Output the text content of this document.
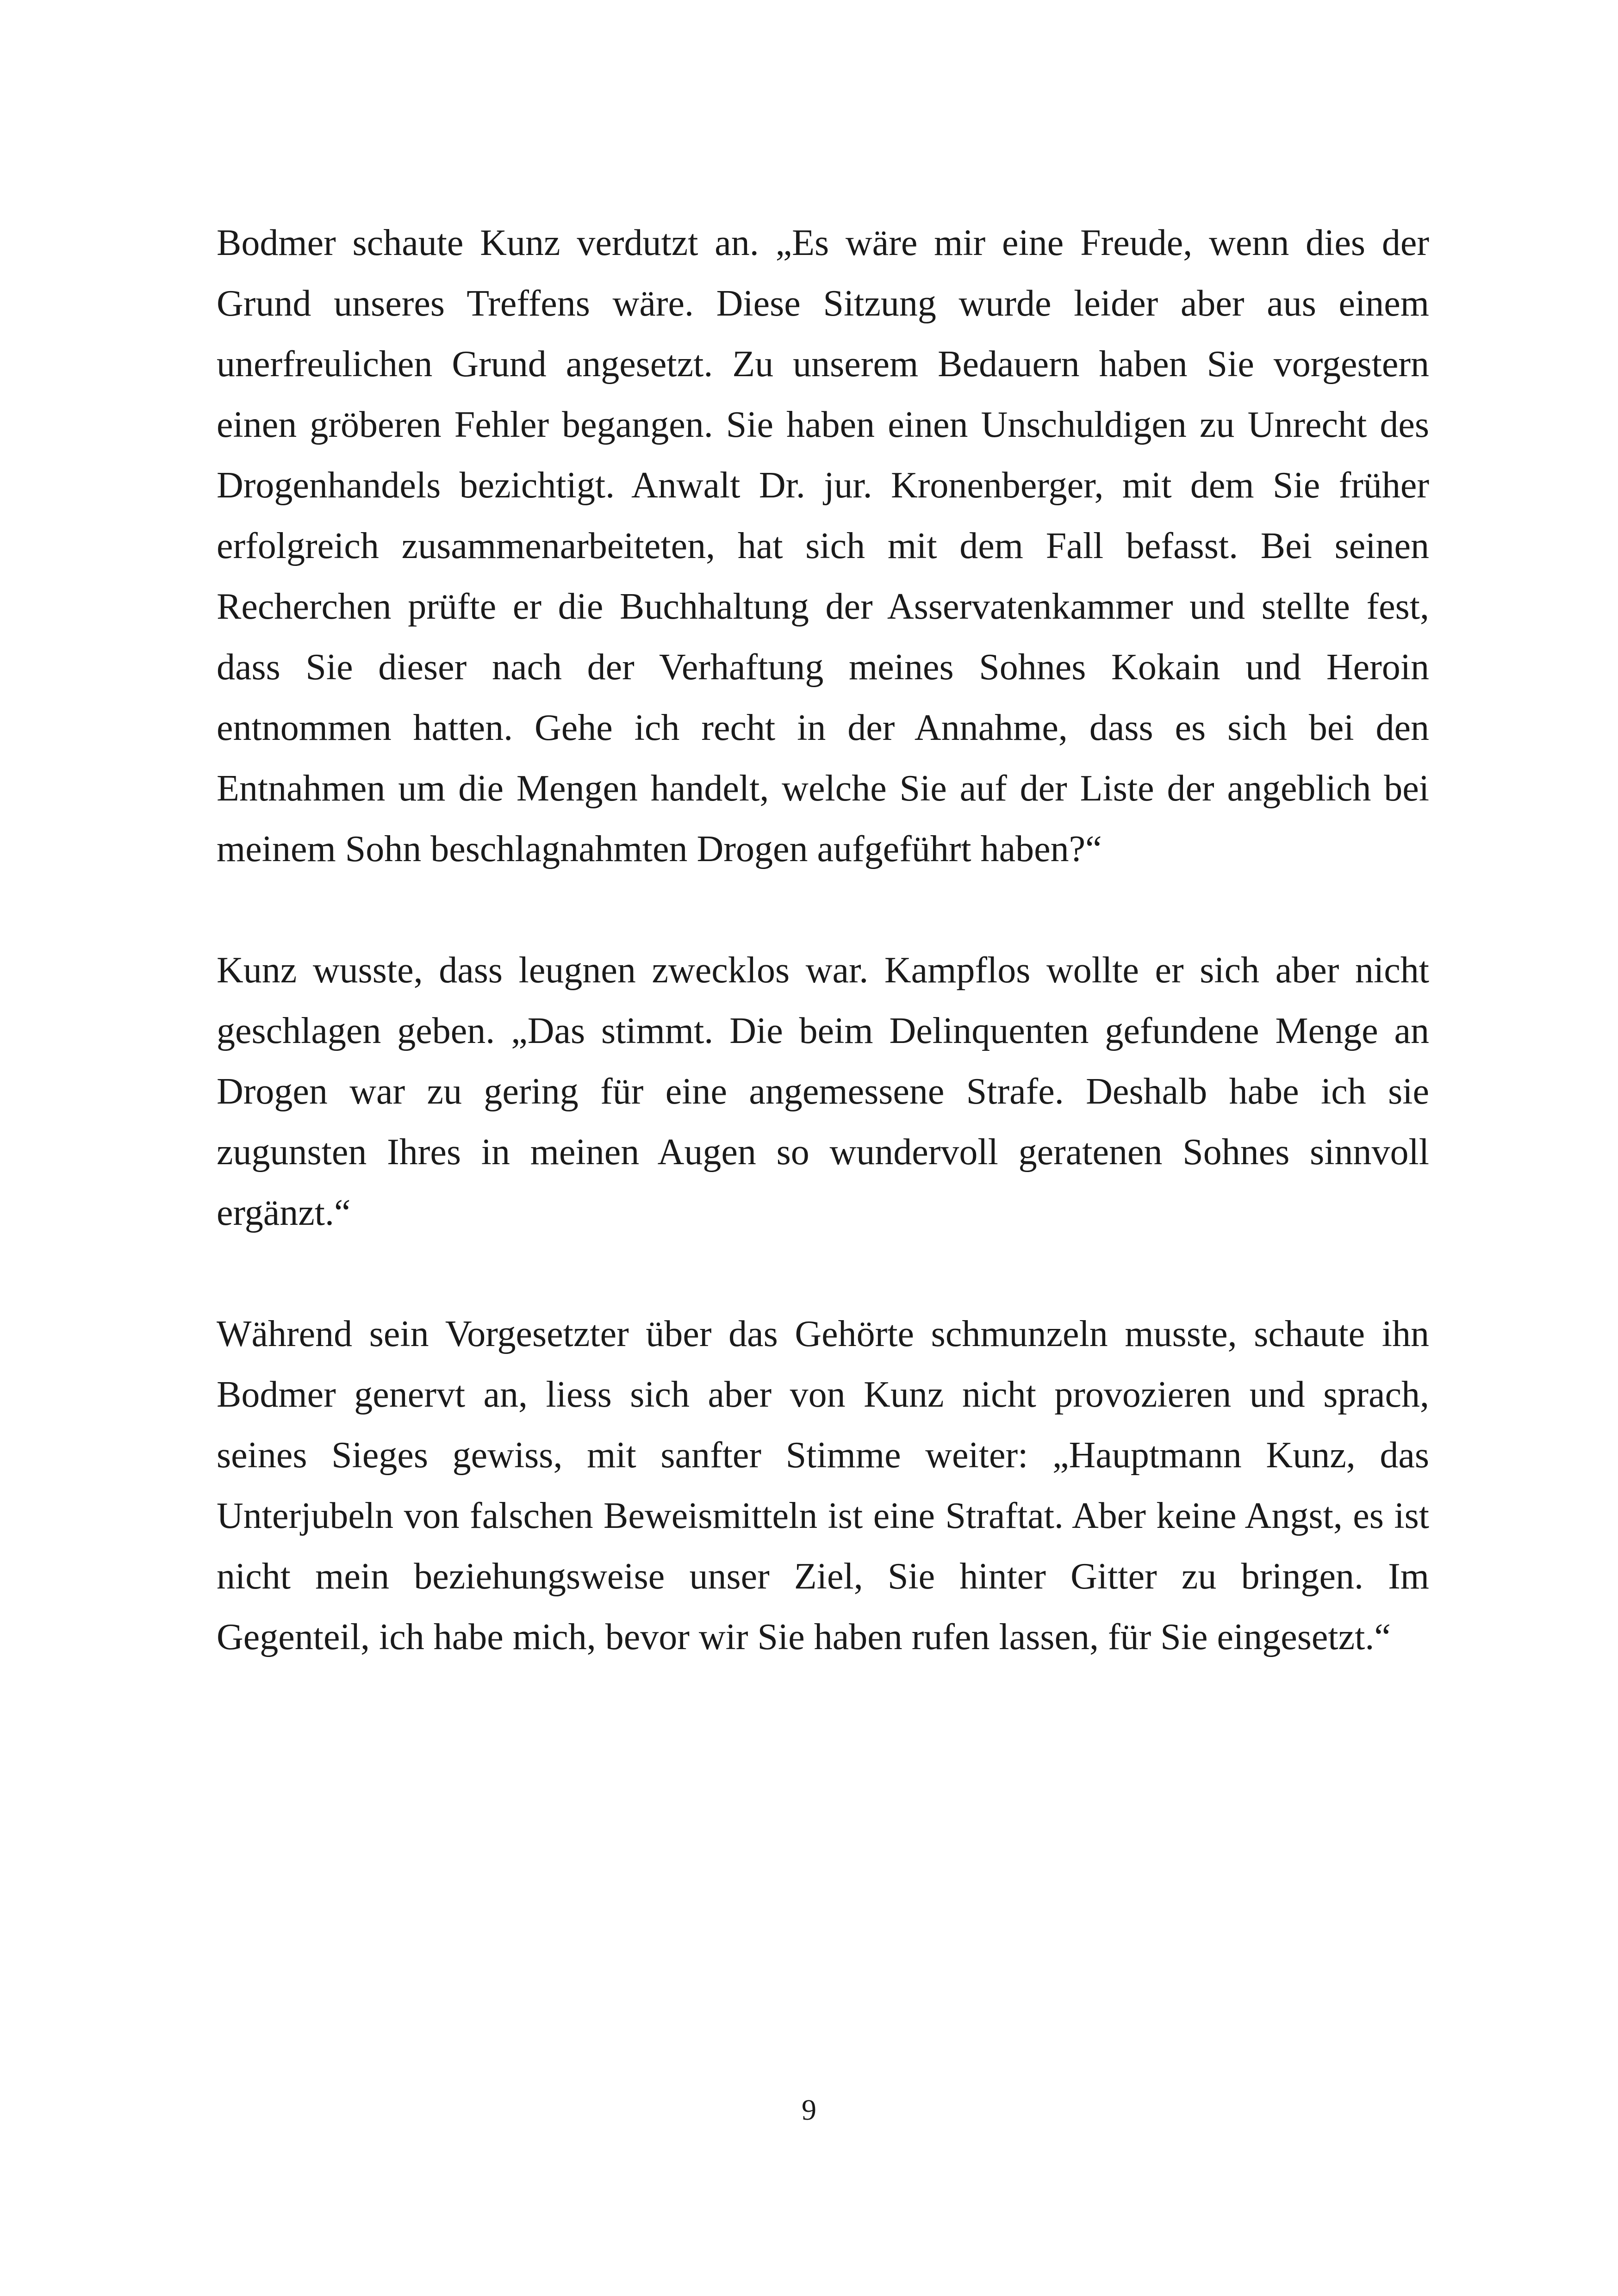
Bodmer schaute Kunz verdutzt an. „Es wäre mir eine Freude, wenn dies der Grund unseres Treffens wäre. Diese Sitzung wurde leider aber aus einem unerfreulichen Grund angesetzt. Zu unserem Bedauern haben Sie vorgestern einen gröberen Fehler begangen. Sie haben einen Unschuldigen zu Unrecht des Drogenhandels bezichtigt. Anwalt Dr. jur. Kronenberger, mit dem Sie früher erfolgreich zusammenarbeiteten, hat sich mit dem Fall befasst. Bei seinen Recherchen prüfte er die Buchhaltung der Asservatenkammer und stellte fest, dass Sie dieser nach der Verhaftung meines Sohnes Kokain und Heroin entnommen hatten. Gehe ich recht in der Annahme, dass es sich bei den Entnahmen um die Mengen handelt, welche Sie auf der Liste der angeblich bei meinem Sohn beschlagnahmten Drogen aufgeführt haben?“

Kunz wusste, dass leugnen zwecklos war. Kampflos wollte er sich aber nicht geschlagen geben. „Das stimmt. Die beim Delinquenten gefundene Menge an Drogen war zu gering für eine angemessene Strafe. Deshalb habe ich sie zugunsten Ihres in meinen Augen so wundervoll geratenen Sohnes sinnvoll ergänzt.“

Während sein Vorgesetzter über das Gehörte schmunzeln musste, schaute ihn Bodmer genervt an, liess sich aber von Kunz nicht provozieren und sprach, seines Sieges gewiss, mit sanfter Stimme weiter: „Hauptmann Kunz, das Unterjubeln von falschen Beweismitteln ist eine Straftat. Aber keine Angst, es ist nicht mein beziehungsweise unser Ziel, Sie hinter Gitter zu bringen. Im Gegenteil, ich habe mich, bevor wir Sie haben rufen lassen, für Sie eingesetzt.“

9
